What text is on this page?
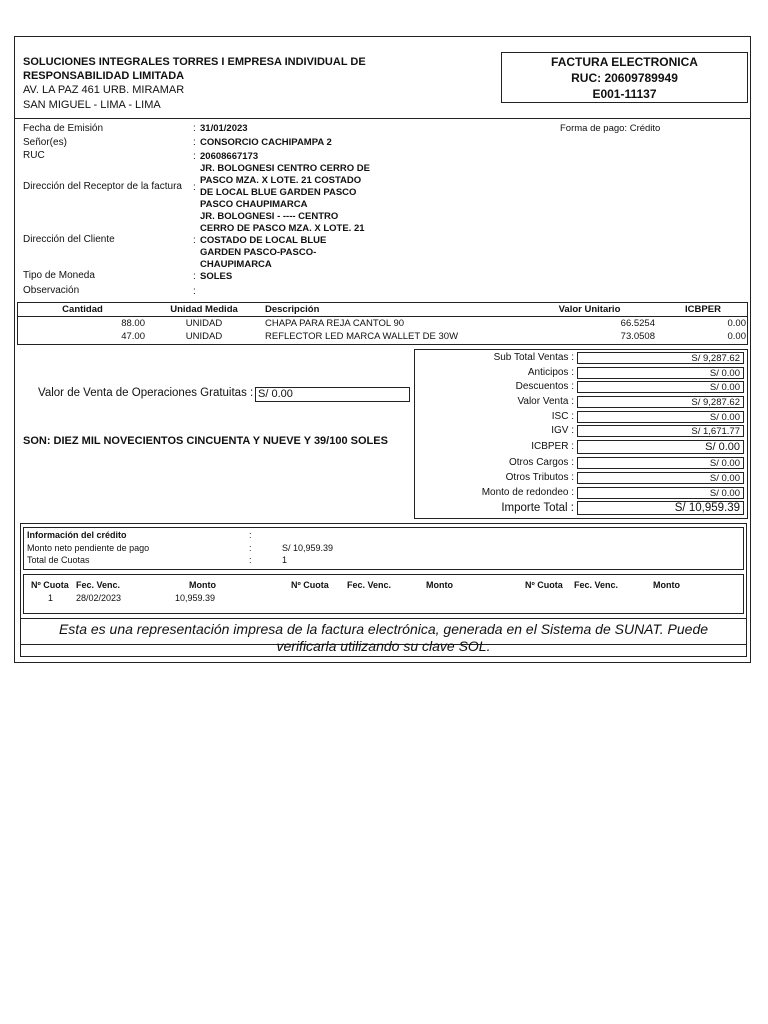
SOLUCIONES INTEGRALES TORRES I EMPRESA INDIVIDUAL DE
RESPONSABILIDAD LIMITADA
AV. LA PAZ 461 URB. MIRAMAR
SAN MIGUEL - LIMA - LIMA
FACTURA ELECTRONICA
RUC: 20609789949
E001-11137
Fecha de Emisión	: 31/01/2023
Señor(es)	: CONSORCIO CACHIPAMPA 2
RUC	: 20608667173
Dirección del Receptor de la factura :
JR. BOLOGNESI CENTRO CERRO DE
PASCO MZA. X LOTE. 21 COSTADO
DE LOCAL BLUE GARDEN PASCO
PASCO CHAUPIMARCA
Dirección del Cliente	:
JR. BOLOGNESI - ---- CENTRO
CERRO DE PASCO MZA. X LOTE. 21
COSTADO DE LOCAL BLUE
GARDEN PASCO-PASCO-
CHAUPIMARCA
Tipo de Moneda	: SOLES
Observación	:
Forma de pago: Crédito
Cantidad	Unidad Medida	Descripción	Valor Unitario	ICBPER
88.00	UNIDAD	CHAPA PARA REJA CANTOL 90	66.5254	0.00
47.00	UNIDAD	REFLECTOR LED MARCA WALLET DE 30W	73.0508	0.00
Valor de Venta de Operaciones Gratuitas : S/ 0.00
SON: DIEZ MIL NOVECIENTOS CINCUENTA Y NUEVE Y 39/100 SOLES
Sub Total Ventas :	S/ 9,287.62
Anticipos :	S/ 0.00
Descuentos :	S/ 0.00
Valor Venta :	S/ 9,287.62
ISC :	S/ 0.00
IGV :	S/ 1,671.77
ICBPER :	S/ 0.00
Otros Cargos :	S/ 0.00
Otros Tributos :	S/ 0.00
Monto de redondeo :	S/ 0.00
Importe Total :	S/ 10,959.39
Información del crédito	:
Monto neto pendiente de pago	:	S/ 10,959.39
Total de Cuotas	:	1
Nº Cuota Fec. Venc.	Monto	Nº Cuota Fec. Venc.	Monto	Nº Cuota Fec. Venc.	Monto
1	28/02/2023	10,959.39
Esta es una representación impresa de la factura electrónica, generada en el Sistema de SUNAT. Puede
verificarla utilizando su clave SOL.
